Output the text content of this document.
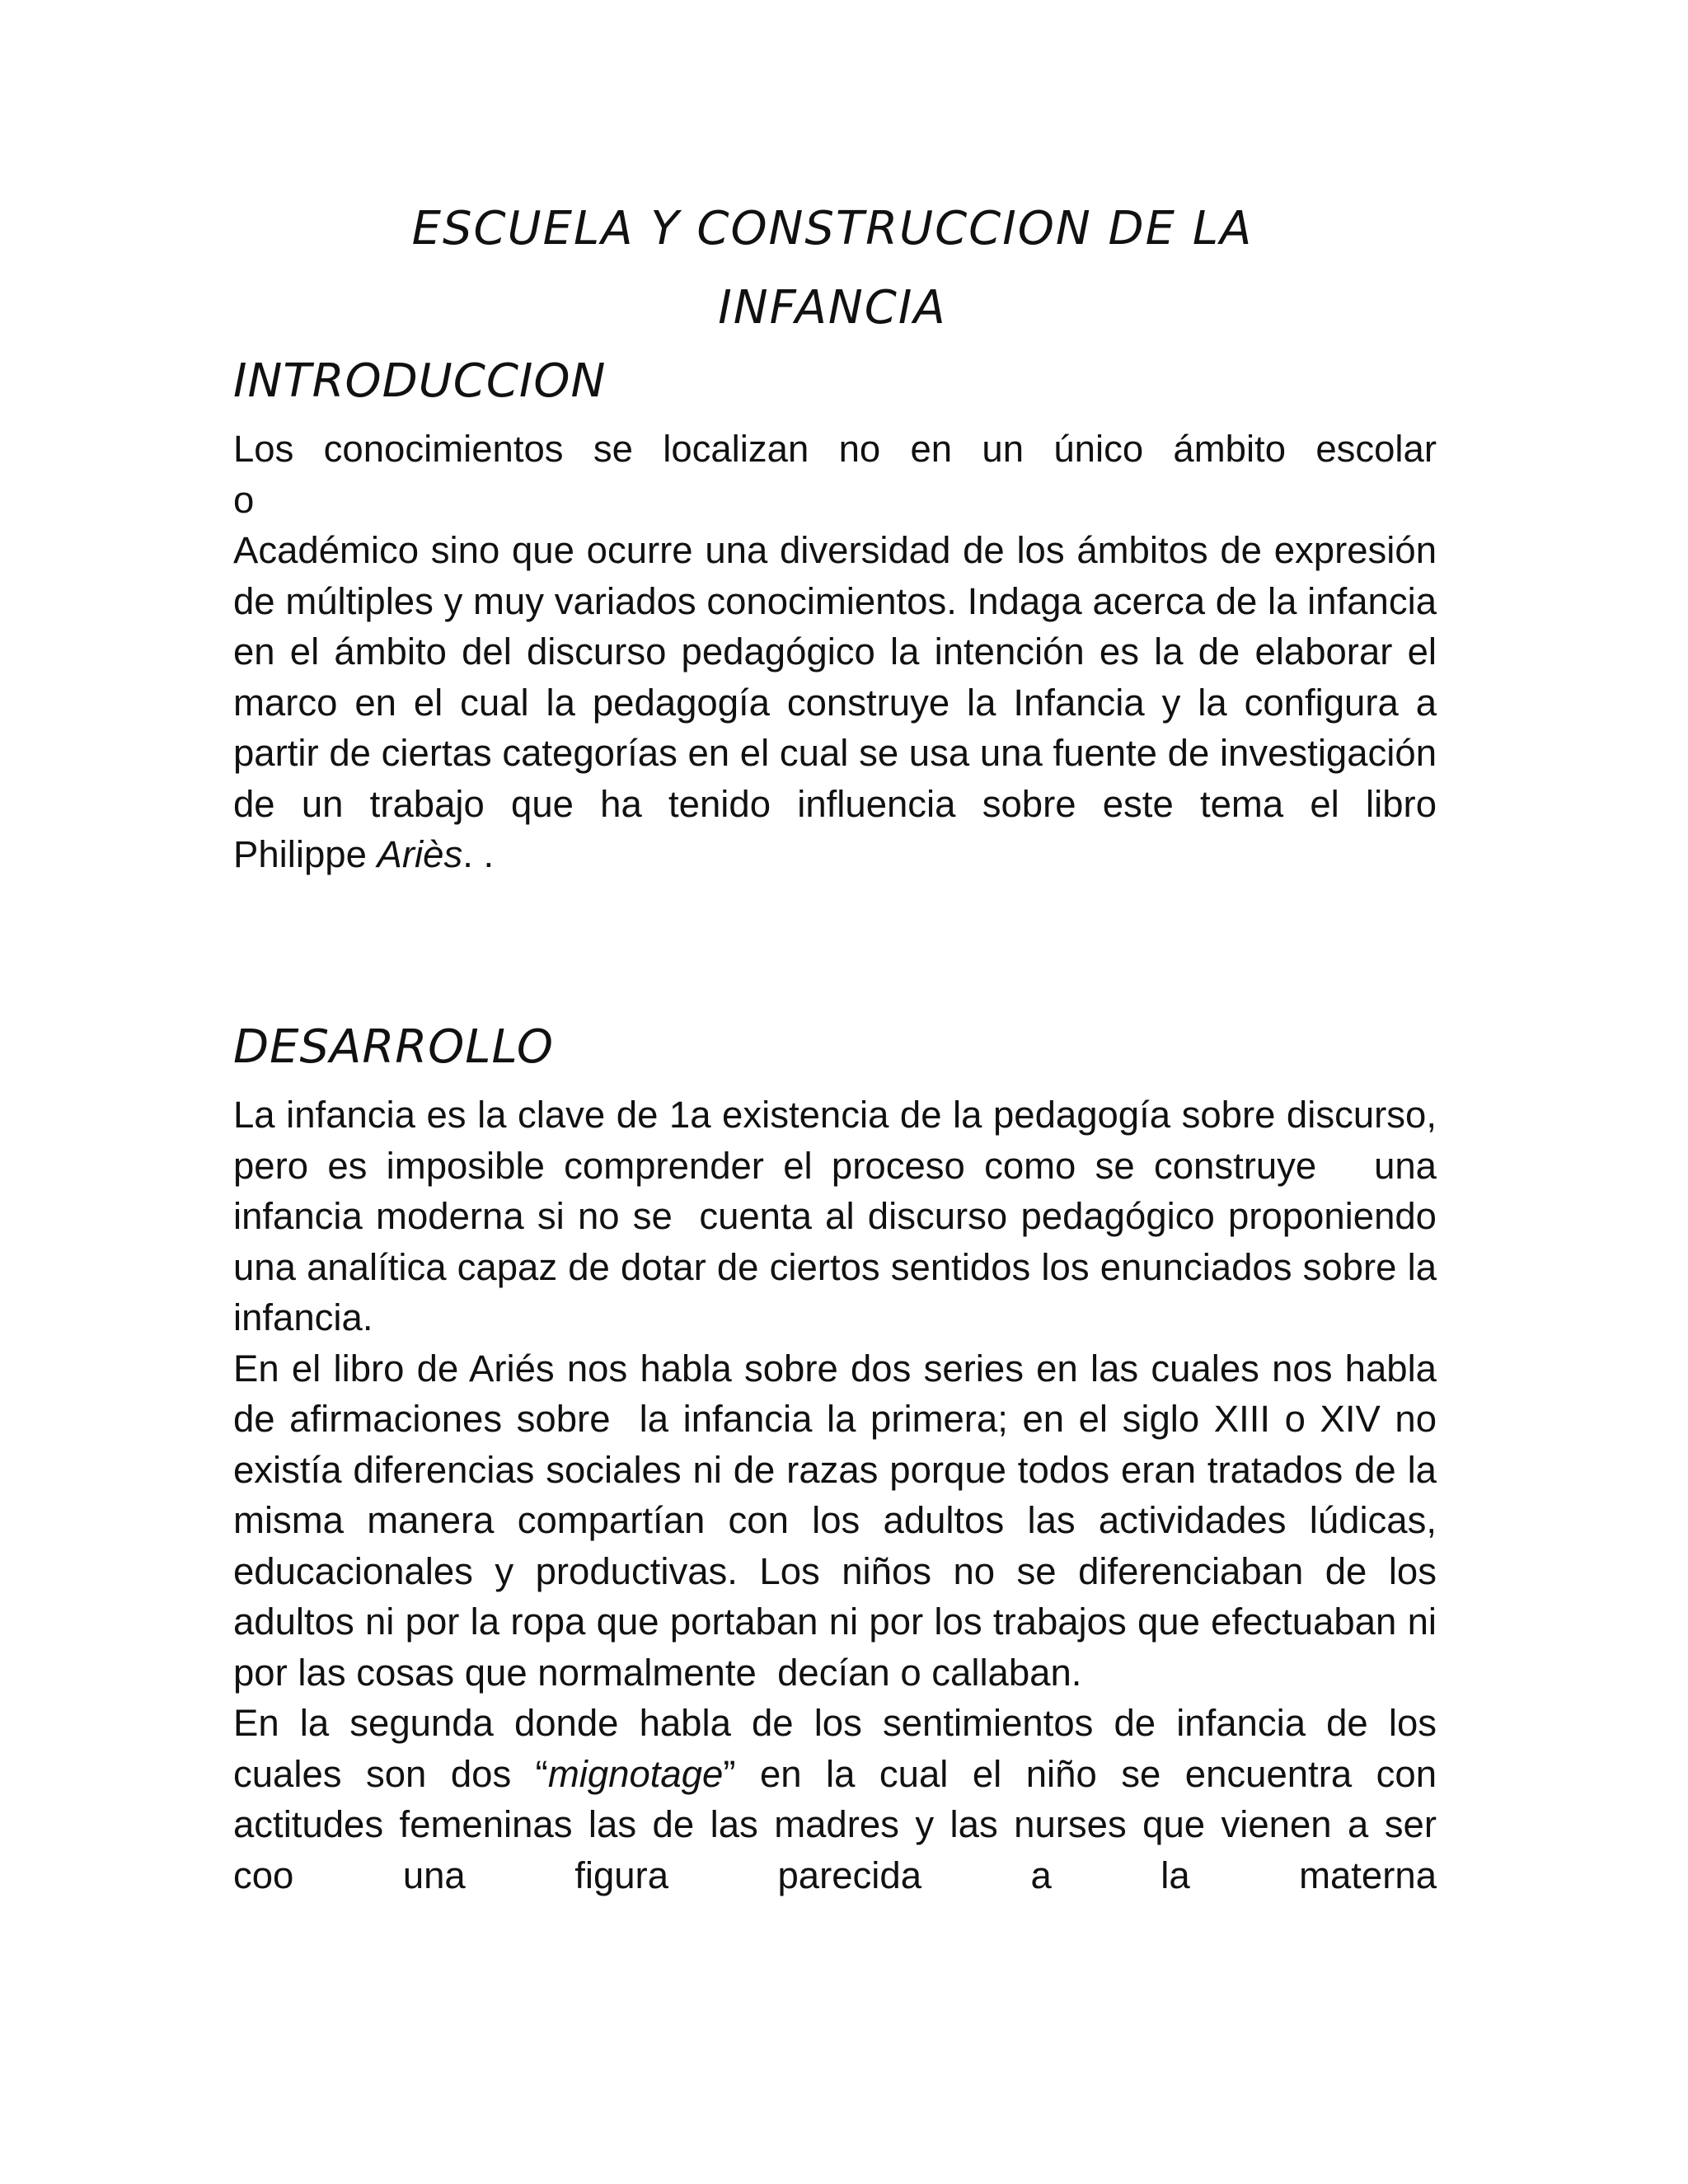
ESCUELA Y CONSTRUCCION DE LA
INFANCIA
INTRODUCCION

Los conocimientos se localizan no en un único ámbito escolar

o

Académico sino que ocurre una diversidad de los ámbitos de expresión de múltiples y muy variados conocimientos. Indaga acerca de la infancia en el ámbito del discurso pedagógico la intención es la de elaborar el marco en el cual la pedagogía construye la Infancia y la configura a partir de ciertas categorías en el cual se usa una fuente de investigación de un trabajo que ha tenido influencia sobre este tema el libro

Philippe Ariès. .

DESARROLLO

La infancia es la clave de 1a existencia de la pedagogía sobre discurso, pero es imposible comprender el proceso como se construye   una infancia moderna si no se  cuenta al discurso pedagógico proponiendo una analítica capaz de dotar de ciertos sentidos los enunciados sobre la infancia.

En el libro de Ariés nos habla sobre dos series en las cuales nos habla de afirmaciones sobre  la infancia la primera; en el siglo XIII o XIV no existía diferencias sociales ni de razas porque todos eran tratados de la misma manera compartían con los adultos las actividades lúdicas, educacionales y productivas. Los niños no se diferenciaban de los adultos ni por la ropa que portaban ni por los trabajos que efectuaban ni por las cosas que normalmente  decían o callaban.

En la segunda donde habla de los sentimientos de infancia de los cuales son dos “mignotage” en la cual el niño se encuentra con actitudes femeninas las de las madres y las nurses que vienen a ser coo una figura parecida a la materna
